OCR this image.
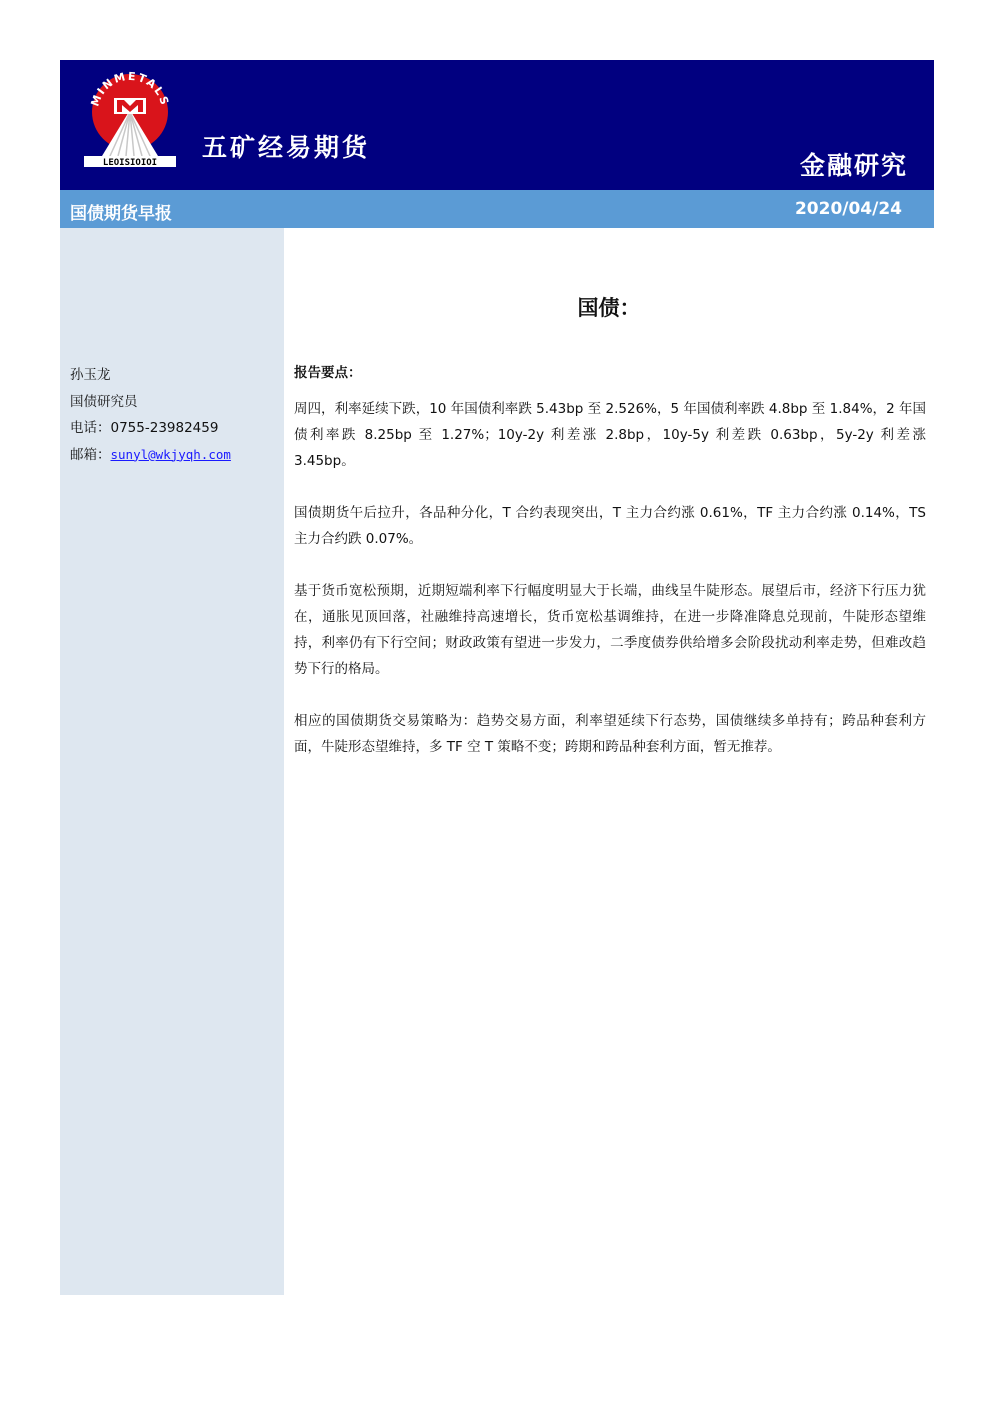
MINMETALS
LEOISIOIOI
五矿经易期货
金融研究
国债期货早报	2020/04/24
孙玉龙
国债研究员
电话：0755-23982459
邮箱：sunyl@wkjyqh.com
国债：
报告要点：

周四，利率延续下跌，10 年国债利率跌 5.43bp 至 2.526%，5 年国债利率跌 4.8bp 至 1.84%，2 年国债利率跌 8.25bp 至 1.27%；10y-2y 利差涨 2.8bp，10y-5y 利差跌 0.63bp，5y-2y 利差涨 3.45bp。

国债期货午后拉升，各品种分化，T 合约表现突出，T 主力合约涨 0.61%，TF 主力合约涨 0.14%，TS 主力合约跌 0.07%。

基于货币宽松预期，近期短端利率下行幅度明显大于长端，曲线呈牛陡形态。展望后市，经济下行压力犹在，通胀见顶回落，社融维持高速增长，货币宽松基调维持，在进一步降准降息兑现前，牛陡形态望维持，利率仍有下行空间；财政政策有望进一步发力，二季度债券供给增多会阶段扰动利率走势，但难改趋势下行的格局。

相应的国债期货交易策略为：趋势交易方面，利率望延续下行态势，国债继续多单持有；跨品种套利方面，牛陡形态望维持，多 TF 空 T 策略不变；跨期和跨品种套利方面，暂无推荐。
